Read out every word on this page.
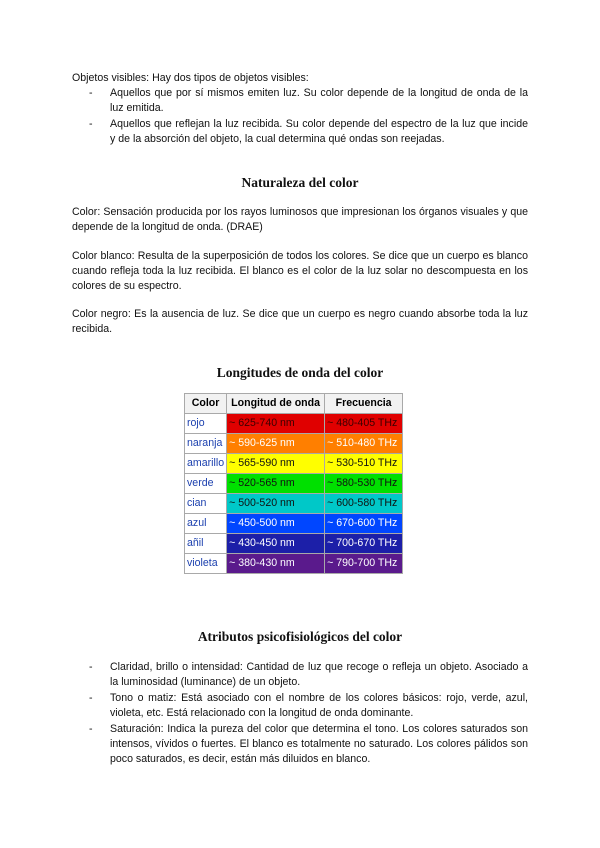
Objetos visibles: Hay dos tipos de objetos visibles:

- Aquellos que por sí mismos emiten luz. Su color depende de la longitud de onda de la luz emitida.
- Aquellos que reflejan la luz recibida. Su color depende del espectro de la luz que incide y de la absorción del objeto, la cual determina qué ondas son reejadas.
Naturaleza del color

Color: Sensación producida por los rayos luminosos que impresionan los órganos visuales y que depende de la longitud de onda. (DRAE)

Color blanco: Resulta de la superposición de todos los colores. Se dice que un cuerpo es blanco cuando refleja toda la luz recibida. El blanco es el color de la luz solar no descompuesta en los colores de su espectro.

Color negro: Es la ausencia de luz. Se dice que un cuerpo es negro cuando absorbe toda la luz recibida.

Longitudes de onda del color
Color	Longitud de onda	Frecuencia
rojo	~ 625-740 nm	~ 480-405 THz
naranja	~ 590-625 nm	~ 510-480 THz
amarillo	~ 565-590 nm	~ 530-510 THz
verde	~ 520-565 nm	~ 580-530 THz
cian	~ 500-520 nm	~ 600-580 THz
azul	~ 450-500 nm	~ 670-600 THz
añil	~ 430-450 nm	~ 700-670 THz
violeta	~ 380-430 nm	~ 790-700 THz
Atributos psicofisiológicos del color
- Claridad, brillo o intensidad: Cantidad de luz que recoge o refleja un objeto. Asociado a la luminosidad (luminance) de un objeto.
- Tono o matiz: Está asociado con el nombre de los colores básicos: rojo, verde, azul, violeta, etc. Está relacionado con la longitud de onda dominante.
- Saturación: Indica la pureza del color que determina el tono. Los colores saturados son intensos, vívidos o fuertes. El blanco es totalmente no saturado. Los colores pálidos son poco saturados, es decir, están más diluidos en blanco.
